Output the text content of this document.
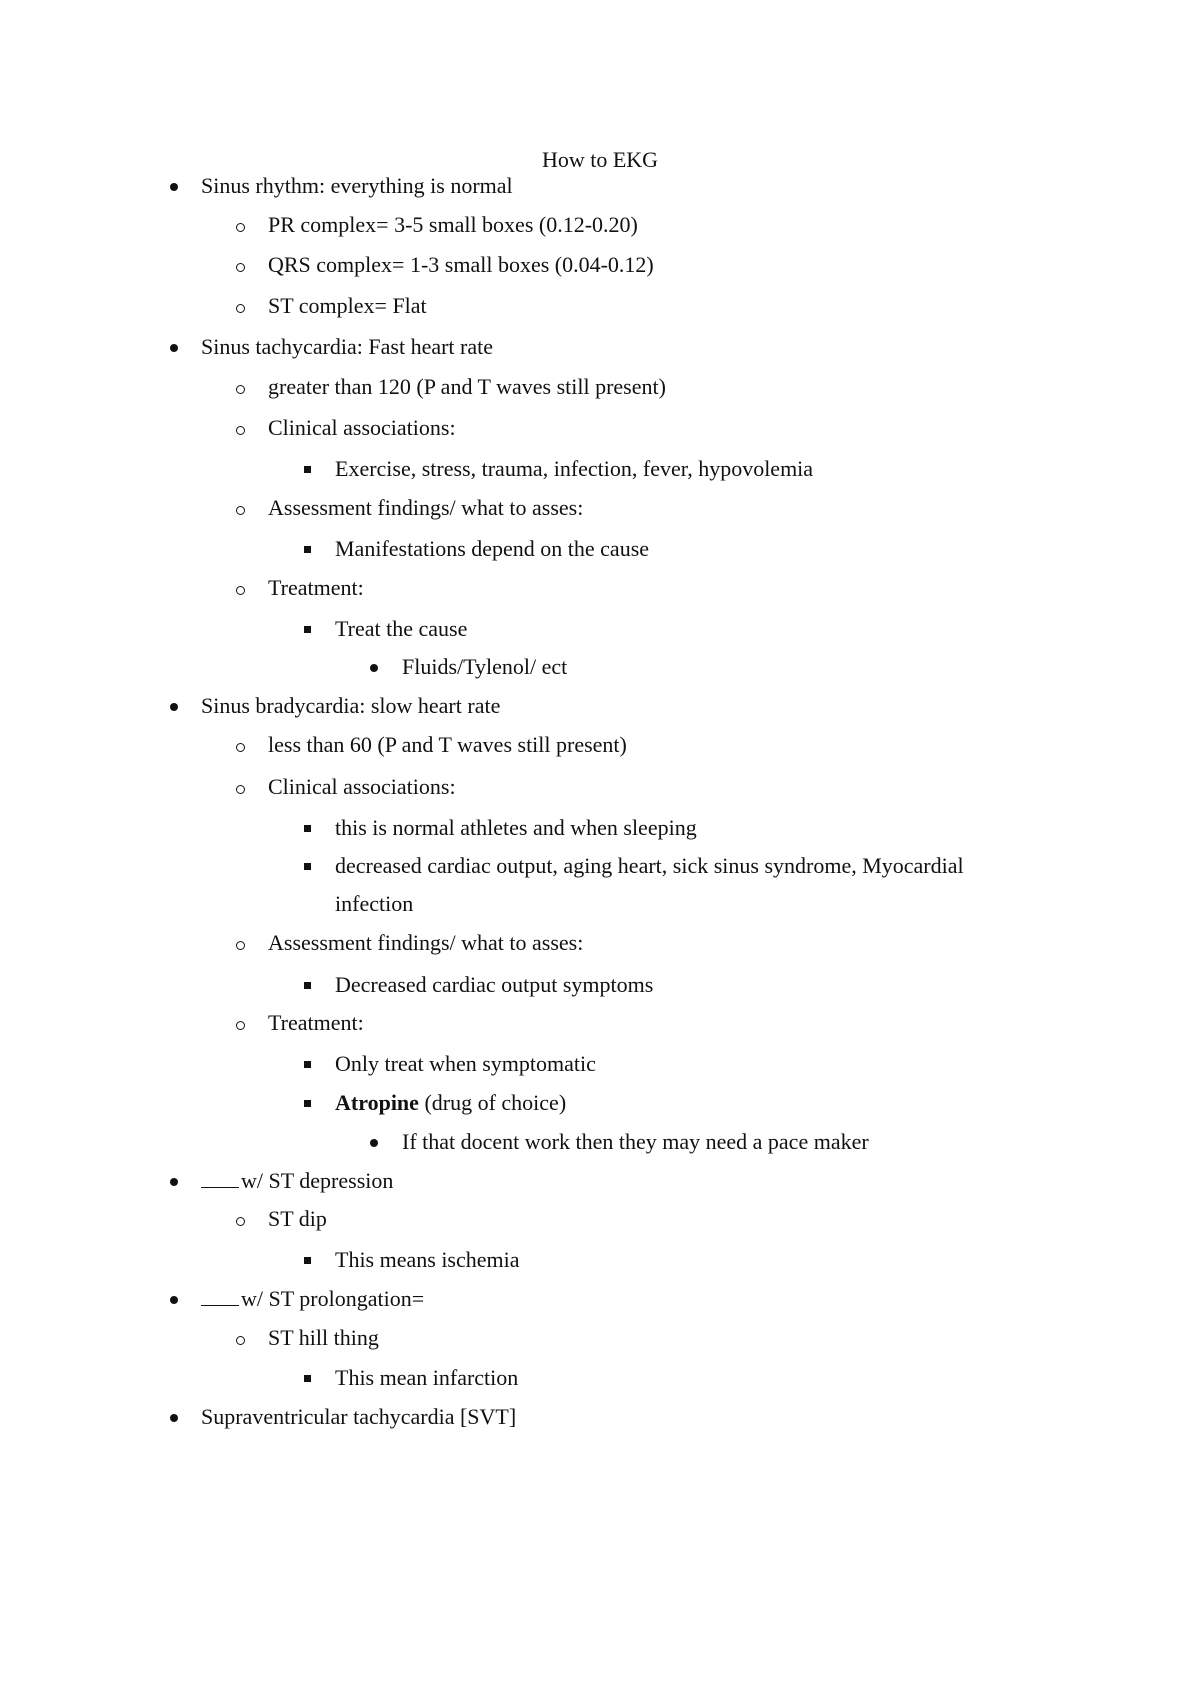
How to EKG
Sinus rhythm: everything is normal
PR complex= 3-5 small boxes (0.12-0.20)
QRS complex= 1-3 small boxes (0.04-0.12)
ST complex= Flat
Sinus tachycardia: Fast heart rate
greater than 120 (P and T waves still present)
Clinical associations:
Exercise, stress, trauma, infection, fever, hypovolemia
Assessment findings/ what to asses:
Manifestations depend on the cause
Treatment:
Treat the cause
Fluids/Tylenol/ ect
Sinus bradycardia: slow heart rate
less than 60 (P and T waves still present)
Clinical associations:
this is normal athletes and when sleeping
decreased cardiac output, aging heart, sick sinus syndrome, Myocardial
infection
Assessment findings/ what to asses:
Decreased cardiac output symptoms
Treatment:
Only treat when symptomatic
Atropine (drug of choice)
If that docent work then they may need a pace maker
w/ ST depression
ST dip
This means ischemia
w/ ST prolongation=
ST hill thing
This mean infarction
Supraventricular tachycardia [SVT]
